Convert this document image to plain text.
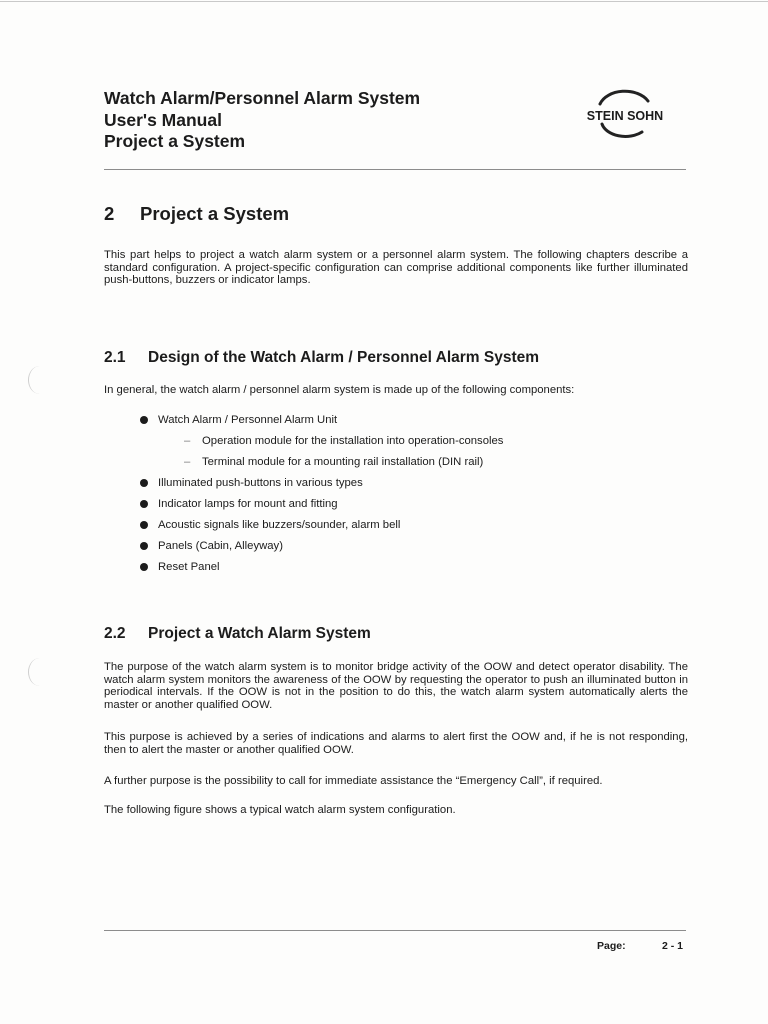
Watch Alarm/Personnel Alarm System
User's Manual
Project a System
STEIN SOHN
2 Project a System

This part helps to project a watch alarm system or a personnel alarm system. The following chapters describe a standard configuration. A project-specific configuration can comprise additional components like further illuminated push-buttons, buzzers or indicator lamps.

2.1 Design of the Watch Alarm / Personnel Alarm System

In general, the watch alarm / personnel alarm system is made up of the following components:

Watch Alarm / Personnel Alarm Unit
– Operation module for the installation into operation-consoles
– Terminal module for a mounting rail installation (DIN rail)
Illuminated push-buttons in various types
Indicator lamps for mount and fitting
Acoustic signals like buzzers/sounder, alarm bell
Panels (Cabin, Alleyway)
Reset Panel
2.2 Project a Watch Alarm System

The purpose of the watch alarm system is to monitor bridge activity of the OOW and detect operator disability. The watch alarm system monitors the awareness of the OOW by requesting the operator to push an illuminated button in periodical intervals. If the OOW is not in the position to do this, the watch alarm system automatically alerts the master or another qualified OOW.

This purpose is achieved by a series of indications and alarms to alert first the OOW and, if he is not responding, then to alert the master or another qualified OOW.

A further purpose is the possibility to call for immediate assistance the “Emergency Call”, if required.

The following figure shows a typical watch alarm system configuration.

Page:	2 - 1
